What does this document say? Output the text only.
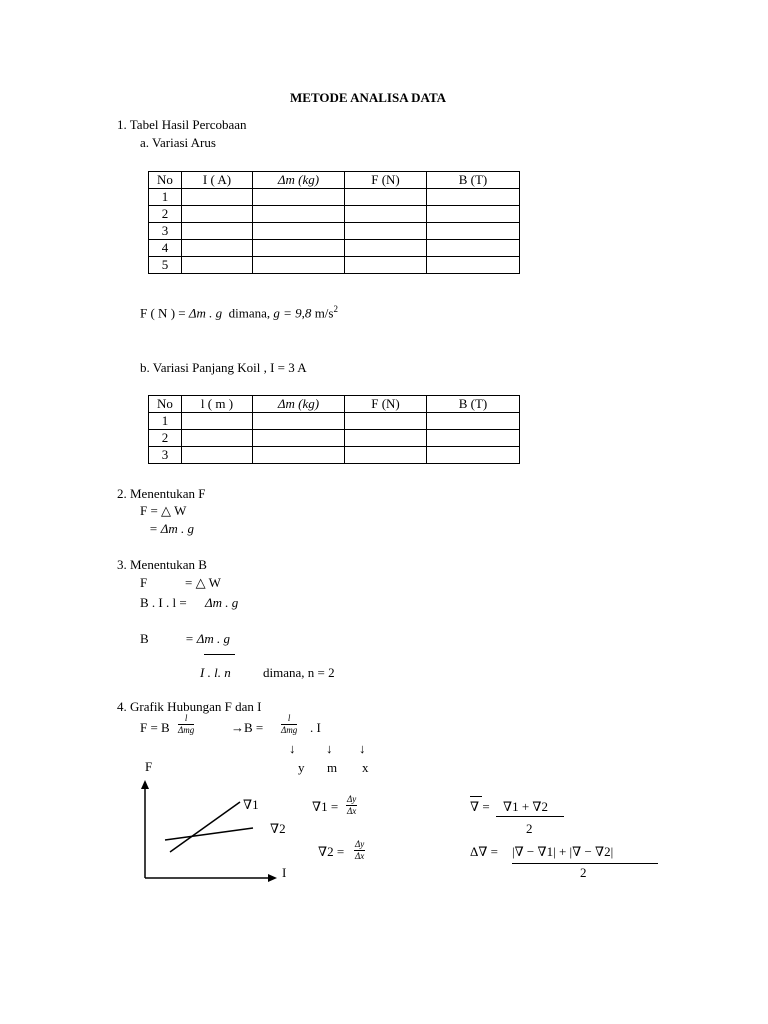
METODE ANALISA DATA
1. Tabel Hasil Percobaan
a. Variasi Arus
No	I ( A)	Δm (kg)	F (N)	B (T)
1				
2				
3				
4				
5				
F ( N ) = Δm . g dimana, g = 9,8 $m/s^2$
b. Variasi Panjang Koil , I = 3 A
No	l ( m )	Δm (kg)	F (N)	B (T)
1				
2				
3				
2. Menentukan F
F = △ W
= Δm . g
3. Menentukan B
F	= △ W
B . I . l = Δm . g
B	= Δm . g
I . l. n dimana, n = 2
4. Grafik Hubungan F dan I
F = B
l
Δmg	→B =
l
Δmg . I
↓ ↓ ↓
y m x
F
∇1
∇2
I
$\nabla 1 = \frac{\Delta y}{\Delta x}$
$\nabla 2 = \frac{\Delta y}{\Delta x}$
∇ = ∇1 + ∇2
2
Δ∇ = |∇ − ∇1| + |∇ − ∇2|
2
